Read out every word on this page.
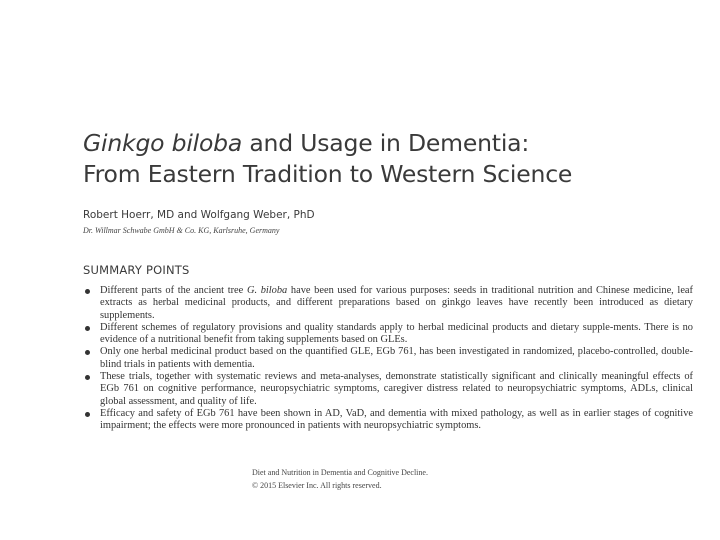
Ginkgo biloba and Usage in Dementia:
From Eastern Tradition to Western Science
Robert Hoerr, MD and Wolfgang Weber, PhD
Dr. Willmar Schwabe GmbH & Co. KG, Karlsruhe, Germany
SUMMARY POINTS
Different parts of the ancient tree G. biloba have been used for various purposes: seeds in traditional nutrition and Chinese medicine, leaf extracts as herbal medicinal products, and different preparations based on ginkgo leaves have recently been introduced as dietary supplements.
Different schemes of regulatory provisions and quality standards apply to herbal medicinal products and dietary supple-ments. There is no evidence of a nutritional benefit from taking supplements based on GLEs.
Only one herbal medicinal product based on the quantified GLE, EGb 761, has been investigated in randomized, placebo-controlled, double-blind trials in patients with dementia.
These trials, together with systematic reviews and meta-analyses, demonstrate statistically significant and clinically meaningful effects of EGb 761 on cognitive performance, neuropsychiatric symptoms, caregiver distress related to neuropsychiatric symptoms, ADLs, clinical global assessment, and quality of life.
Efficacy and safety of EGb 761 have been shown in AD, VaD, and dementia with mixed pathology, as well as in earlier stages of cognitive impairment; the effects were more pronounced in patients with neuropsychiatric symptoms.
Diet and Nutrition in Dementia and Cognitive Decline.
© 2015 Elsevier Inc. All rights reserved.
